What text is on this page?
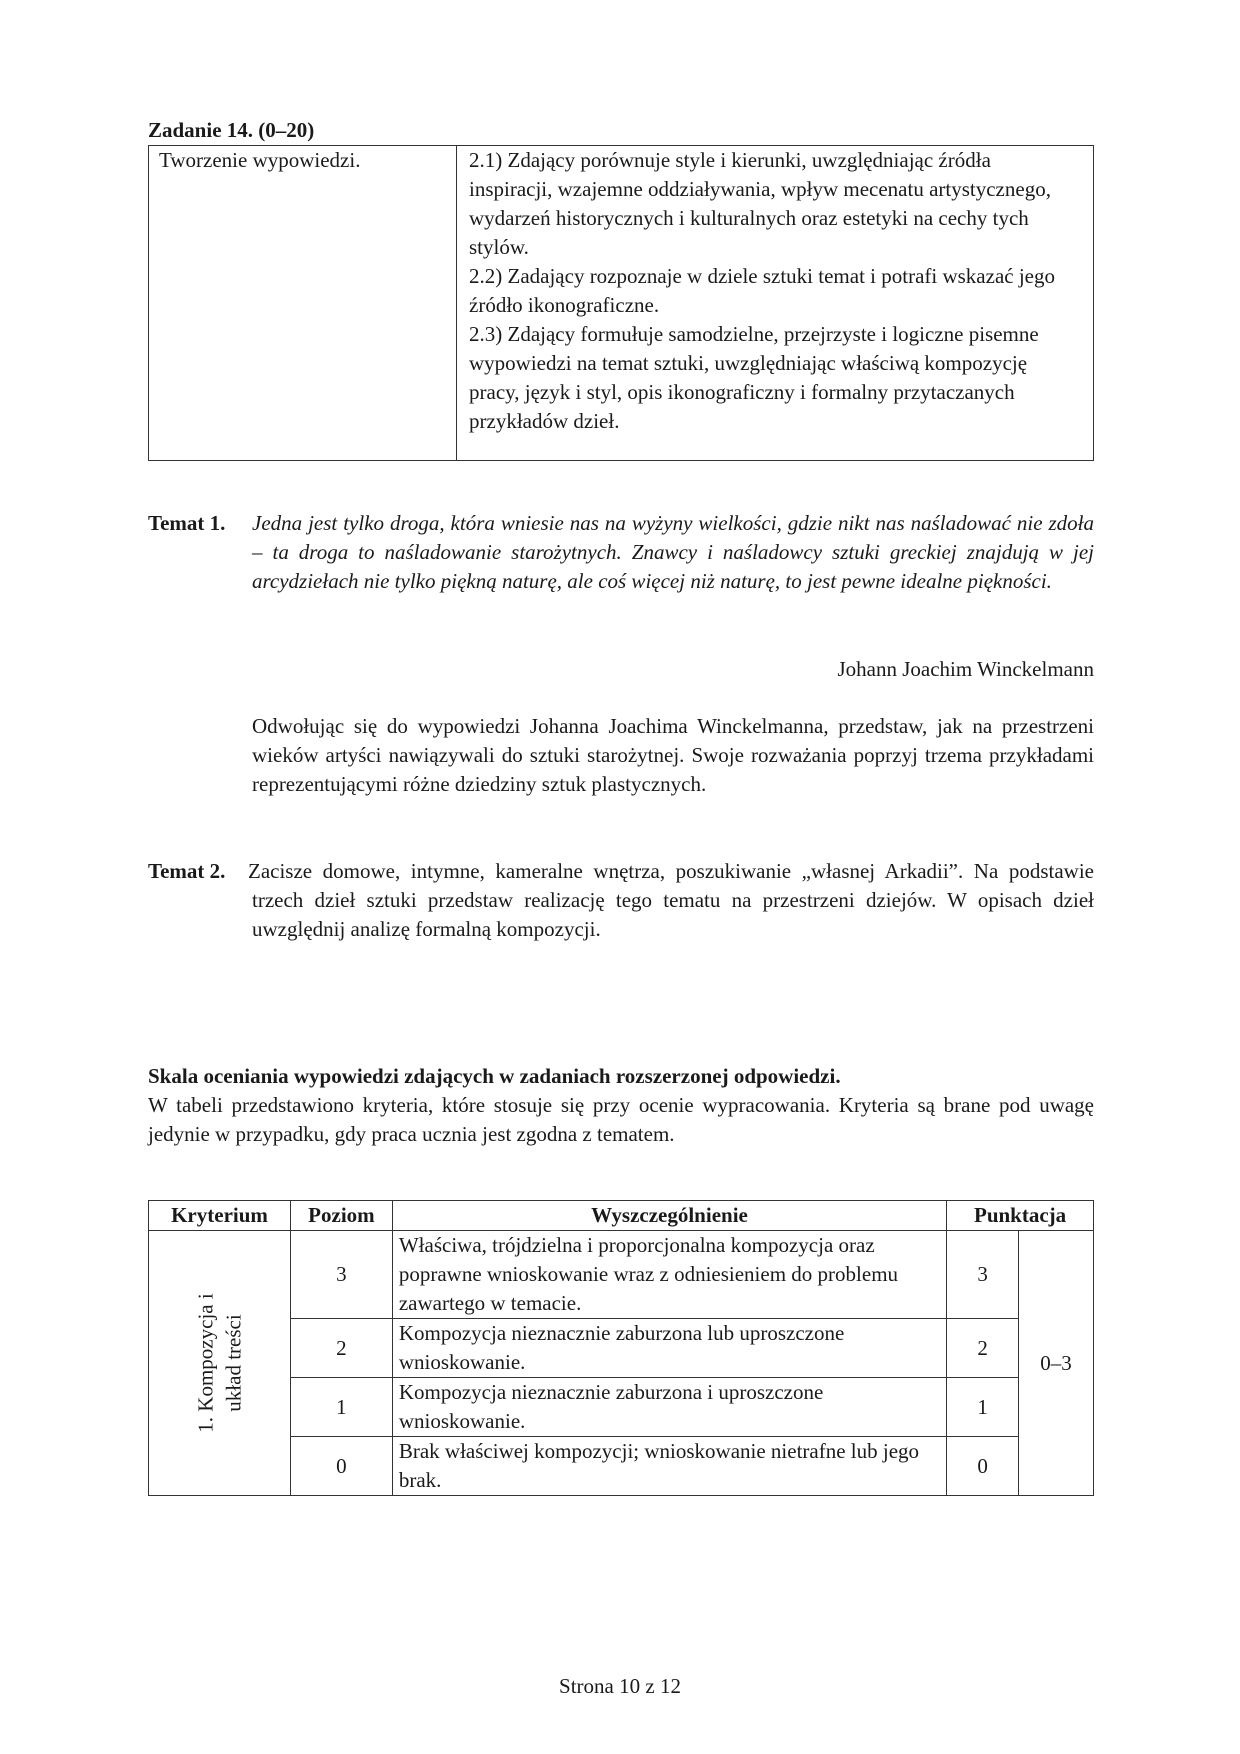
Zadanie 14. (0–20)
Tworzenie wypowiedzi.	2.1) Zdający porównuje style i kierunki, uwzględniając źródła inspiracji, wzajemne oddziaływania, wpływ mecenatu artystycznego, wydarzeń historycznych i kulturalnych oraz estetyki na cechy tych stylów.
2.2) Zadający rozpoznaje w dziele sztuki temat i potrafi wskazać jego źródło ikonograficzne.
2.3) Zdający formułuje samodzielne, przejrzyste i logiczne pisemne wypowiedzi na temat sztuki, uwzględniając właściwą kompozycję pracy, język i styl, opis ikonograficzny i formalny przytaczanych przykładów dzieł.
Temat 1. Jedna jest tylko droga, która wniesie nas na wyżyny wielkości, gdzie nikt nas naśladować nie zdoła – ta droga to naśladowanie starożytnych. Znawcy i naśladowcy sztuki greckiej znajdują w jej arcydziełach nie tylko piękną naturę, ale coś więcej niż naturę, to jest pewne idealne piękności.
Johann Joachim Winckelmann
Odwołując się do wypowiedzi Johanna Joachima Winckelmanna, przedstaw, jak na przestrzeni wieków artyści nawiązywali do sztuki starożytnej. Swoje rozważania poprzyj trzema przykładami reprezentującymi różne dziedziny sztuk plastycznych.
Temat 2. Zacisze domowe, intymne, kameralne wnętrza, poszukiwanie „własnej Arkadii”. Na podstawie trzech dzieł sztuki przedstaw realizację tego tematu na przestrzeni dziejów. W opisach dzieł uwzględnij analizę formalną kompozycji.
Skala oceniania wypowiedzi zdających w zadaniach rozszerzonej odpowiedzi.
W tabeli przedstawiono kryteria, które stosuje się przy ocenie wypracowania. Kryteria są brane pod uwagę jedynie w przypadku, gdy praca ucznia jest zgodna z tematem.
Kryterium	Poziom	Wyszczególnienie	Punktacja	

1. Kompozycja i układ treści	3	Właściwa, trójdzielna i proporcjonalna kompozycja oraz poprawne wnioskowanie wraz z odniesieniem do problemu zawartego w temacie.	3	0–3
	2	Kompozycja nieznacznie zaburzona lub uproszczone wnioskowanie.	2	
	1	Kompozycja nieznacznie zaburzona i uproszczone wnioskowanie.	1	
	0	Brak właściwej kompozycji; wnioskowanie nietrafne lub jego brak.	0	
Strona 10 z 12
